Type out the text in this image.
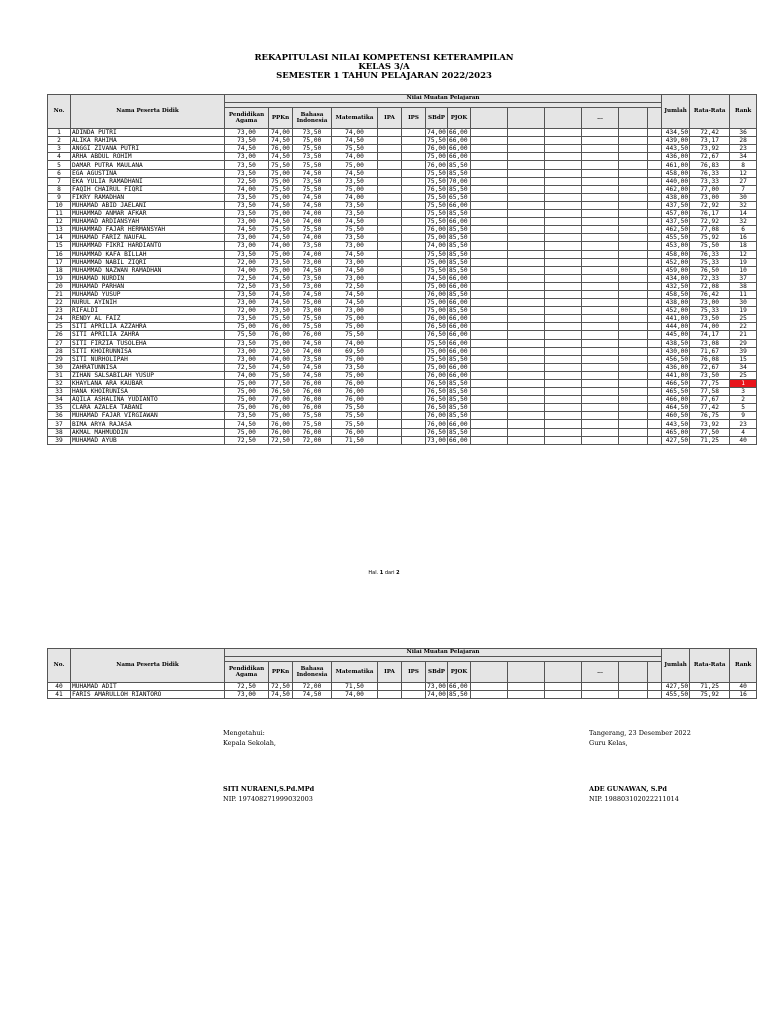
REKAPITULASI NILAI KOMPETENSI KETERAMPILAN
KELAS 3/A
SEMESTER 1 TAHUN PELAJARAN 2022/2023
No.	Nama Peserta Didik	Nilai Muatan Pelajaran														Jumlah	Rata-Rata	Rank

		Pendidikan Agama	PPKn	Bahasa Indonesia	Matematika	IPA	IPS	SBdP	PJOK				...					
1	ADINDA PUTRI	73,00	74,00	73,50	74,00			74,00	66,00							434,50	72,42	36
2	ALIKA RAHIMA	73,50	74,50	75,00	74,50			75,50	66,00							439,00	73,17	28
3	ANGGI ZIVANA PUTRI	74,50	76,00	75,50	75,50			76,00	66,00							443,50	73,92	23
4	ARHA ABDUL ROHIM	73,00	74,50	73,50	74,00			75,00	66,00							436,00	72,67	34
5	DAMAR PUTRA MAULANA	73,50	75,50	75,50	75,00			76,00	85,50							461,00	76,83	8
6	EGA AGUSTINA	73,50	75,00	74,50	74,50			75,50	85,50							458,00	76,33	12
7	EKA YULIA RAMADHANI	72,50	75,00	73,50	73,50			75,50	70,00							440,00	73,33	27
8	FAQIH CHAIRUL FIQRI	74,00	75,50	75,50	75,00			76,50	85,50							462,00	77,00	7
9	FIKRY RAMADHAN	73,50	75,00	74,50	74,00			75,50	65,50							438,00	73,00	30
10	MUHAMAD ABID JAELANI	73,50	74,50	74,50	73,50			75,50	66,00							437,50	72,92	32
11	MUHAMMAD ANMAR AFKAR	73,50	75,00	74,00	73,50			75,50	85,50							457,00	76,17	14
12	MUHAMAD ARDIANSYAH	73,00	74,50	74,00	74,50			75,50	66,00							437,50	72,92	32
13	MUHAMMAD FAJAR HERMANSYAH	74,50	75,50	75,50	75,50			76,00	85,50							462,50	77,08	6
14	MUHAMAD FARIZ NAUFAL	73,00	74,50	74,00	73,50			75,00	85,50							455,50	75,92	16
15	MUHAMMAD FIKRI HARDIANTO	73,00	74,00	73,50	73,00			74,00	85,50							453,00	75,50	18
16	MUHAMMAD KAFA BILLAH	73,50	75,00	74,00	74,50			75,50	85,50							458,00	76,33	12
17	MUHAMMAD NABIL ZIQRI	72,00	73,50	73,00	73,00			75,00	85,50							452,00	75,33	19
18	MUHAMMAD NAZWAN RAMADHAN	74,00	75,00	74,50	74,50			75,50	85,50							459,00	76,50	10
19	MUHAMAD NURDIN	72,50	74,50	73,50	73,00			74,50	66,00							434,00	72,33	37
20	MUHAMAD PARHAN	72,50	73,50	73,00	72,50			75,00	66,00							432,50	72,08	38
21	MUHAMAD YUSUP	73,50	74,50	74,50	74,50			76,00	85,50							458,50	76,42	11
22	NURUL AYINIH	73,00	74,50	75,00	74,50			75,00	66,00							438,00	73,00	30
23	RIFALDI	72,00	73,50	73,00	73,00			75,00	85,50							452,00	75,33	19
24	RENDY AL FAIZ	73,50	75,50	75,50	75,00			76,00	66,00							441,00	73,50	25
25	SITI APRILIA AZZAHRA	75,00	76,00	75,50	75,00			76,50	66,00							444,00	74,00	22
26	SITI APRILIA ZAHRA	75,50	76,00	76,00	75,50			76,50	66,00							445,00	74,17	21
27	SITI FIRZIA TUSOLEHA	73,50	75,00	74,50	74,00			75,50	66,00							438,50	73,08	29
28	SITI KHOIRUNNISA	73,00	72,50	74,00	69,50			75,00	66,00							430,00	71,67	39
29	SITI NURHOLIPAH	73,00	74,00	73,50	75,00			75,50	85,50							456,50	76,08	15
30	ZAHRATUNNISA	72,50	74,50	74,50	73,50			75,00	66,00							436,00	72,67	34
31	ZIHAN SALSABILAH YUSUP	74,00	75,50	74,50	75,00			76,00	66,00							441,00	73,50	25
32	KHAYLANA ARA KAUBAR	75,00	77,50	76,00	76,00			76,50	85,50							466,50	77,75	1
33	HANA KHOIRUNISA	75,00	76,50	76,00	76,00			76,50	85,50							465,50	77,58	3
34	AQILA ASHALINA YUDIANTO	75,00	77,00	76,00	76,00			76,50	85,50							466,00	77,67	2
35	CLARA AZALEA TABANI	75,00	76,00	76,00	75,50			76,50	85,50							464,50	77,42	5
36	MUHAMAD FAJAR VIRGIAWAN	73,50	75,00	75,50	75,50			76,00	85,50							460,50	76,75	9
37	BIMA ARYA RAJASA	74,50	76,00	75,50	75,50			76,00	66,00							443,50	73,92	23
38	AKMAL MAHMUDDIN	75,00	76,00	76,00	76,00			76,50	85,50							465,00	77,50	4
39	MUHAMAD AYUB	72,50	72,50	72,00	71,50			73,00	66,00							427,50	71,25	40
Hal. 1 dari 2
No.	Nama Peserta Didik	Nilai Muatan Pelajaran														Jumlah	Rata-Rata	Rank

		Pendidikan Agama	PPKn	Bahasa Indonesia	Matematika	IPA	IPS	SBdP	PJOK				...					
40	MUHAMAD ADIT	72,50	72,50	72,00	71,50			73,00	66,00							427,50	71,25	40
41	FARIS AMARULLOH RIANTORO	73,00	74,50	74,50	74,00			74,00	85,50							455,50	75,92	16
Mengetahui:
Kepala Sekolah,
SITI NURAENI,S.Pd.MPd
NIP. 197408271999032003
Tangerang, 23 Desember 2022
Guru Kelas,
ADE GUNAWAN, S.Pd
NIP. 198803102022211014
